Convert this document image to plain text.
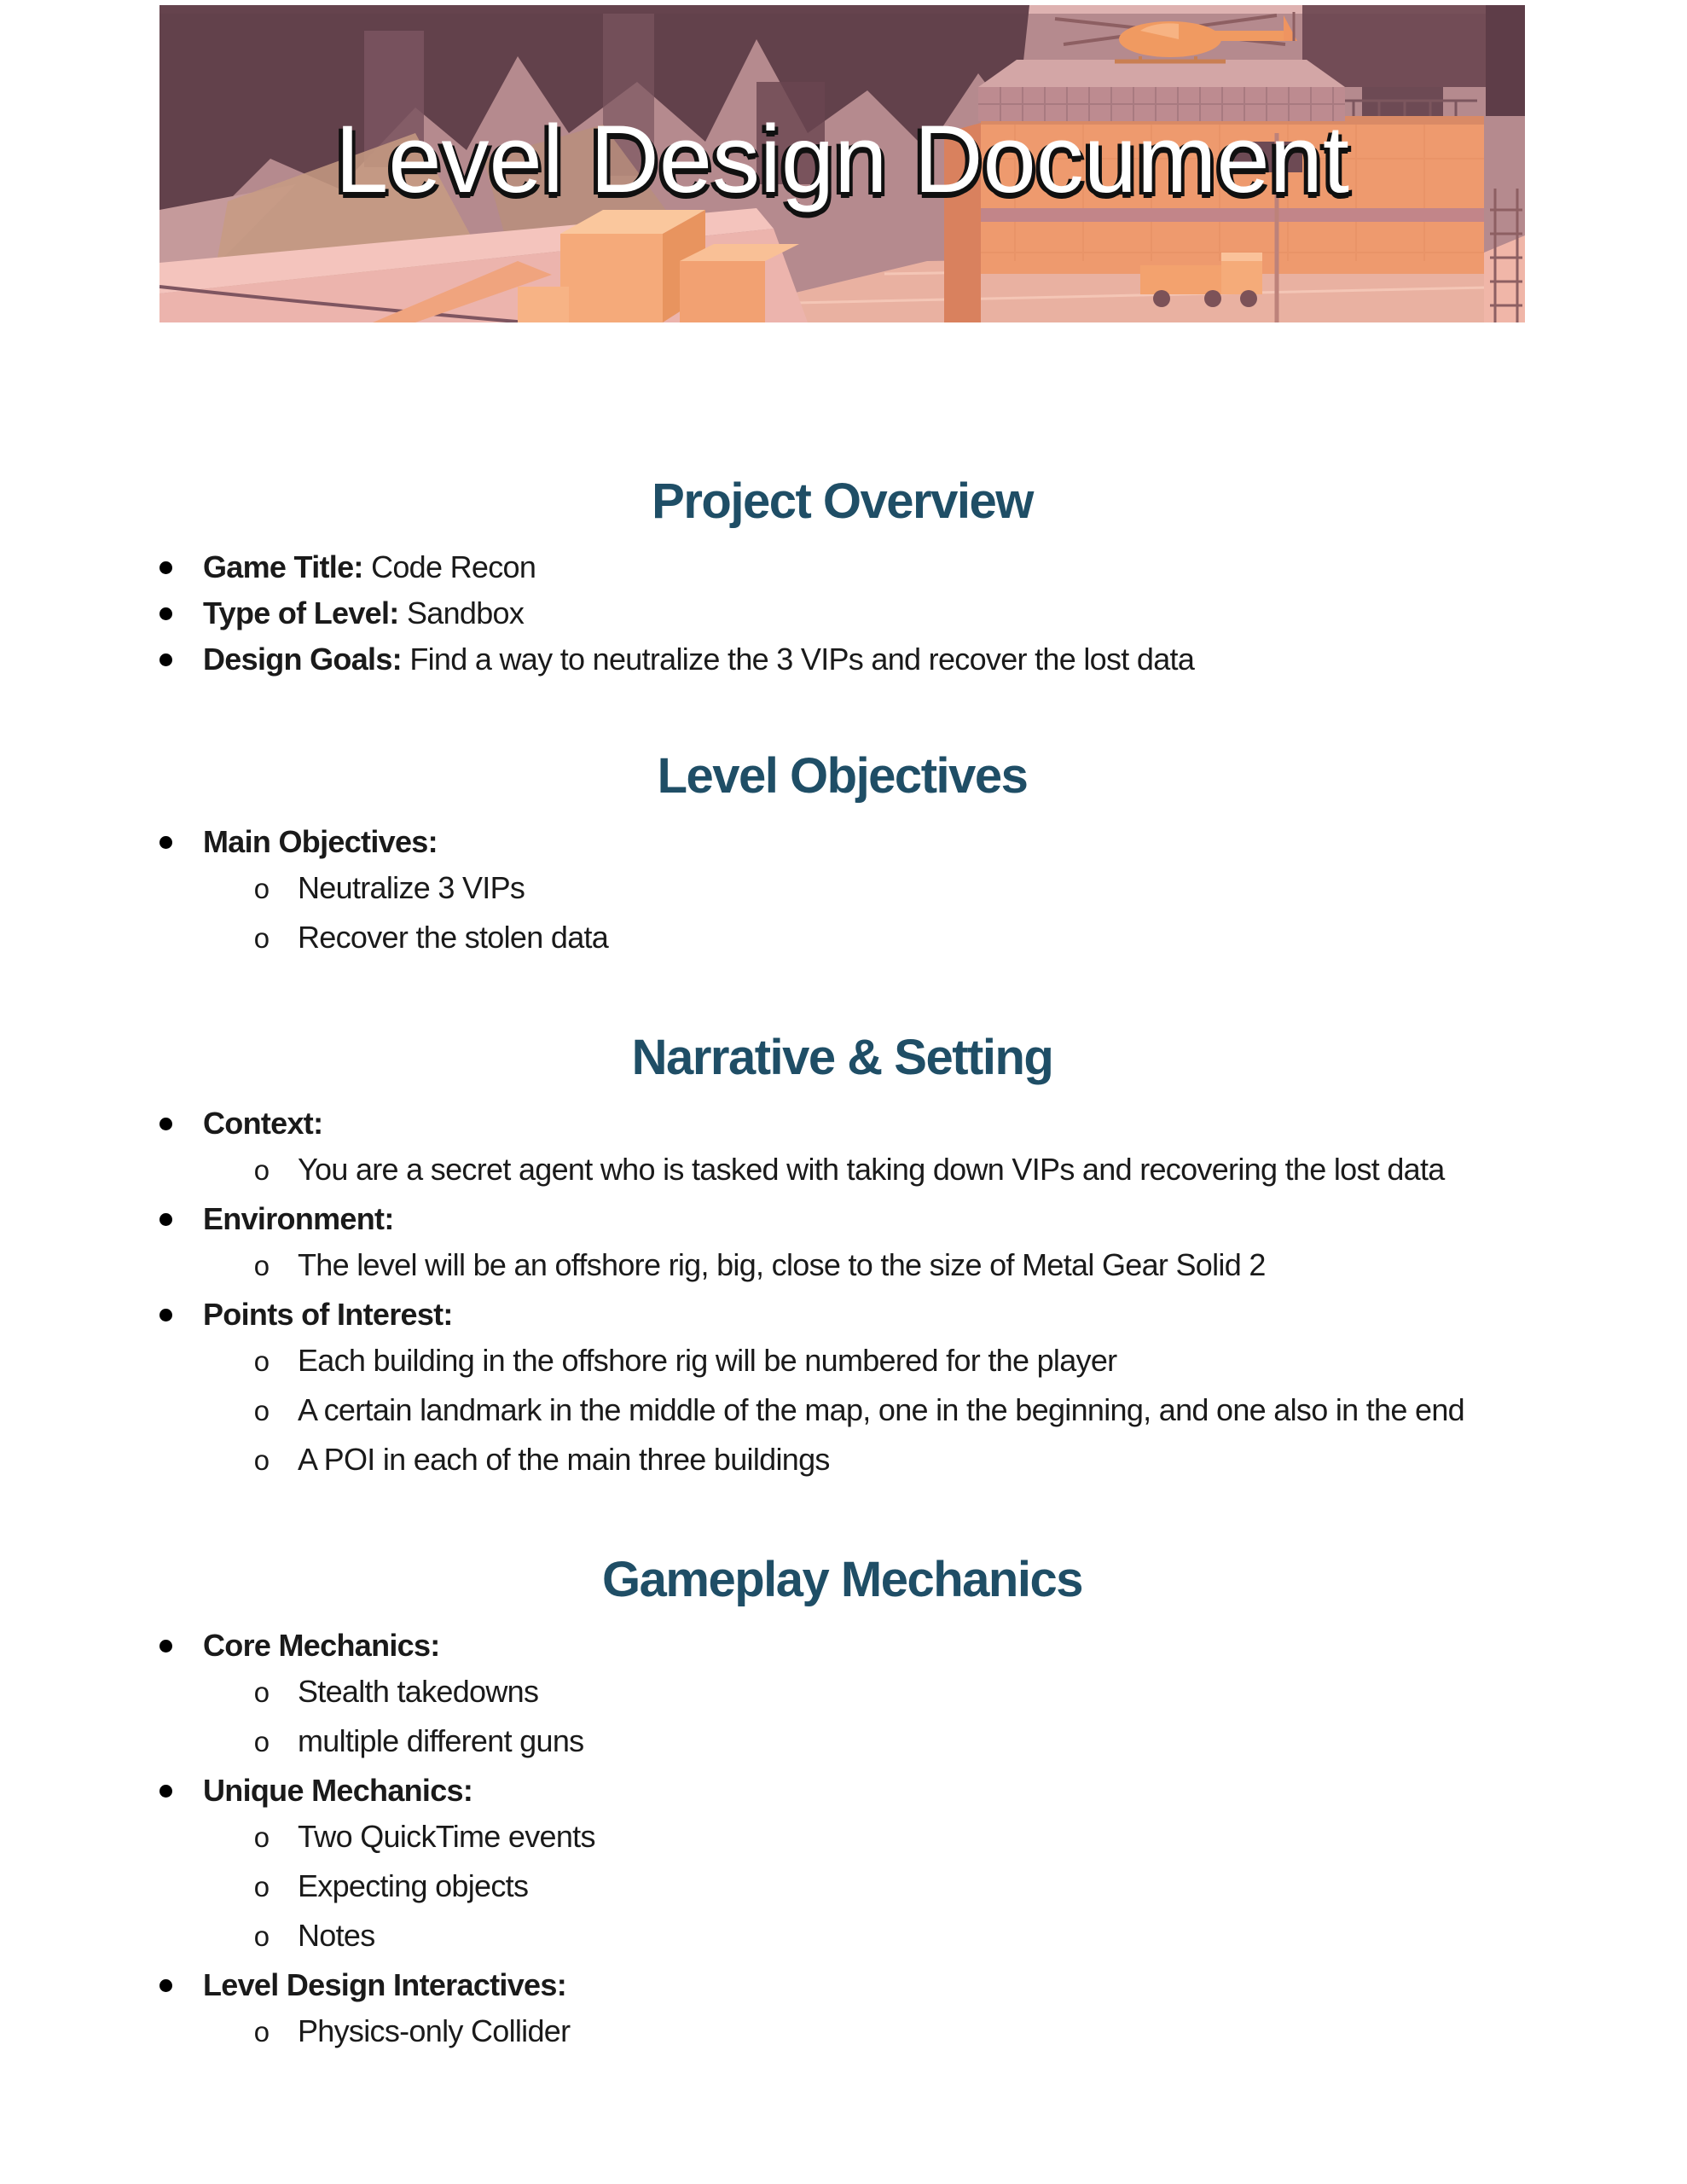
Level Design Document
Project Overview
Game Title: Code Recon
Type of Level: Sandbox
Design Goals: Find a way to neutralize the 3 VIPs and recover the lost data
Level Objectives
Main Objectives:
o Neutralize 3 VIPs
o Recover the stolen data
Narrative & Setting
Context:
o You are a secret agent who is tasked with taking down VIPs and recovering the lost data
Environment:
o The level will be an offshore rig, big, close to the size of Metal Gear Solid 2
Points of Interest:
o Each building in the offshore rig will be numbered for the player
o A certain landmark in the middle of the map, one in the beginning, and one also in the end
o A POI in each of the main three buildings
Gameplay Mechanics
Core Mechanics:
o Stealth takedowns
o multiple different guns
Unique Mechanics:
o Two QuickTime events
o Expecting objects
o Notes
Level Design Interactives:
o Physics-only Collider
